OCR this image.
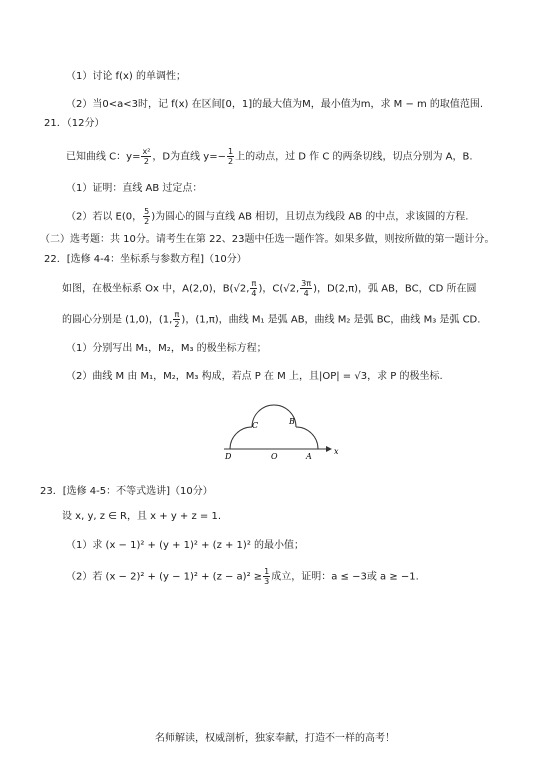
（1）讨论 f(x) 的单调性；
（2）当0<a<3时，记 f(x) 在区间[0，1]的最大值为M，最小值为m，求 M − m 的取值范围.
21．（12分）
已知曲线 C：$y= \frac{\text{x²}}{2}$ ，D为直线 $y=- \frac{1}{2}$ 上的动点，过 D 作 C 的两条切线，切点分别为 A，B.
（1）证明：直线 AB 过定点：
（2）若以 E(0， $\frac{5}{2}$ )为圆心的圆与直线 AB 相切，且切点为线段 AB 的中点，求该圆的方程.
（二）选考题：共 10分。请考生在第 22、23题中任选一题作答。如果多做，则按所做的第一题计分。
22．[选修 4-4：坐标系与参数方程]（10分）
如图，在极坐标系 Ox 中，A(2,0)，B(√2, $\frac{\pi}{4}$ )，C(√2, $\frac{3\pi}{4}$ )，D(2,π)，弧 AB，BC，CD 所在圆
的圆心分别是 (1,0)，(1, $\frac{\pi}{2}$ )，(1,π)，曲线 M₁ 是弧 AB，曲线 M₂ 是弧 BC，曲线 M₃ 是弧 CD.
（1）分别写出 M₁，M₂，M₃ 的极坐标方程；
（2）曲线 M 由 M₁，M₂，M₃ 构成，若点 P 在 M 上，且|OP| = √3，求 P 的极坐标.
D	O	A
x
C	B
23．[选修 4-5：不等式选讲]（10分）
设 x, y, z ∈ R，且 x + y + z = 1.
（1）求 (x − 1)² + (y + 1)² + (z + 1)² 的最小值；
（2）若 $(x - 2)^2 + (y - 1)^2 + (z - a)^2 \ge \frac{1}{3}$ 成立，证明：a ≤ −3或 a ≥ −1.
名师解读，权威剖析，独家奉献，打造不一样的高考！
